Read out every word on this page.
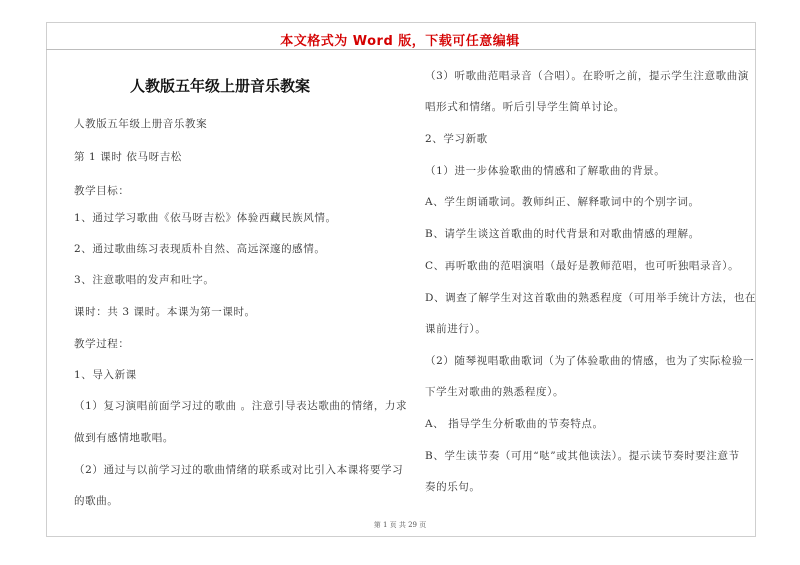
本文格式为 Word 版，下载可任意编辑
人教版五年级上册音乐教案
人教版五年级上册音乐教案
第 1 课时 依马呀吉松
教学目标：
1、通过学习歌曲《依马呀吉松》体验西藏民族风情。
2、通过歌曲练习表现质朴自然、高远深邃的感情。
3、注意歌唱的发声和吐字。
课时：共 3 课时。本课为第一课时。
教学过程：
1、导入新课
（1）复习演唱前面学习过的歌曲 。注意引导表达歌曲的情绪，力求
做到有感情地歌唱。
（2）通过与以前学习过的歌曲情绪的联系或对比引入本课将要学习
的歌曲。
（3）听歌曲范唱录音（合唱）。在聆听之前，提示学生注意歌曲演
唱形式和情绪。听后引导学生简单讨论。
2、学习新歌
（1）进一步体验歌曲的情感和了解歌曲的背景。
A、学生朗诵歌词。教师纠正、解释歌词中的个别字词。
B、请学生谈这首歌曲的时代背景和对歌曲情感的理解。
C、再听歌曲的范唱演唱（最好是教师范唱，也可听独唱录音）。
D、调查了解学生对这首歌曲的熟悉程度（可用举手统计方法，也在
课前进行）。
（2）随琴视唱歌曲歌词（为了体验歌曲的情感，也为了实际检验一
下学生对歌曲的熟悉程度）。
A、 指导学生分析歌曲的节奏特点。
B、学生读节奏（可用“哒”或其他读法）。提示读节奏时要注意节
奏的乐句。
第 1 页 共 29 页
